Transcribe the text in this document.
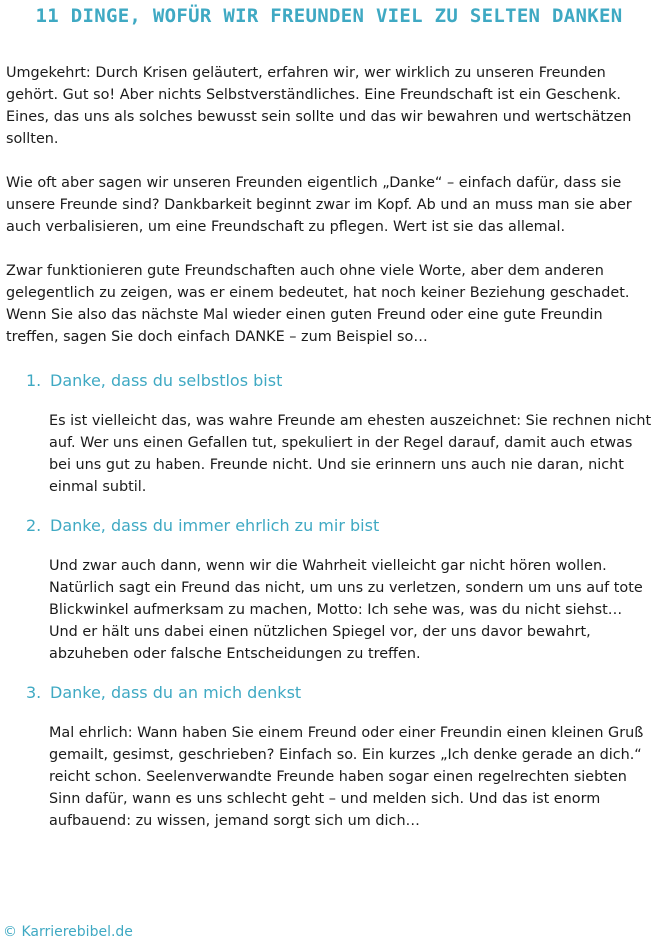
11 DINGE, WOFÜR WIR FREUNDEN VIEL ZU SELTEN DANKEN

Umgekehrt: Durch Krisen geläutert, erfahren wir, wer wirklich zu unseren Freunden gehört. Gut so! Aber nichts Selbstverständliches. Eine Freundschaft ist ein Geschenk. Eines, das uns als solches bewusst sein sollte und das wir bewahren und wertschätzen sollten.

Wie oft aber sagen wir unseren Freunden eigentlich „Danke“ – einfach dafür, dass sie unsere Freunde sind? Dankbarkeit beginnt zwar im Kopf. Ab und an muss man sie aber auch verbalisieren, um eine Freundschaft zu pflegen. Wert ist sie das allemal.

Zwar funktionieren gute Freundschaften auch ohne viele Worte, aber dem anderen gelegentlich zu zeigen, was er einem bedeutet, hat noch keiner Beziehung geschadet. Wenn Sie also das nächste Mal wieder einen guten Freund oder eine gute Freundin treffen, sagen Sie doch einfach DANKE – zum Beispiel so…

1. Danke, dass du selbstlos bist

Es ist vielleicht das, was wahre Freunde am ehesten auszeichnet: Sie rechnen nicht auf. Wer uns einen Gefallen tut, spekuliert in der Regel darauf, damit auch etwas bei uns gut zu haben. Freunde nicht. Und sie erinnern uns auch nie daran, nicht einmal subtil.

2. Danke, dass du immer ehrlich zu mir bist

Und zwar auch dann, wenn wir die Wahrheit vielleicht gar nicht hören wollen. Natürlich sagt ein Freund das nicht, um uns zu verletzen, sondern um uns auf tote Blickwinkel aufmerksam zu machen, Motto: Ich sehe was, was du nicht siehst… Und er hält uns dabei einen nützlichen Spiegel vor, der uns davor bewahrt, abzuheben oder falsche Entscheidungen zu treffen.

3. Danke, dass du an mich denkst

Mal ehrlich: Wann haben Sie einem Freund oder einer Freundin einen kleinen Gruß gemailt, gesimst, geschrieben? Einfach so. Ein kurzes „Ich denke gerade an dich.“ reicht schon. Seelenverwandte Freunde haben sogar einen regelrechten siebten Sinn dafür, wann es uns schlecht geht – und melden sich. Und das ist enorm aufbauend: zu wissen, jemand sorgt sich um dich…

© Karrierebibel.de
